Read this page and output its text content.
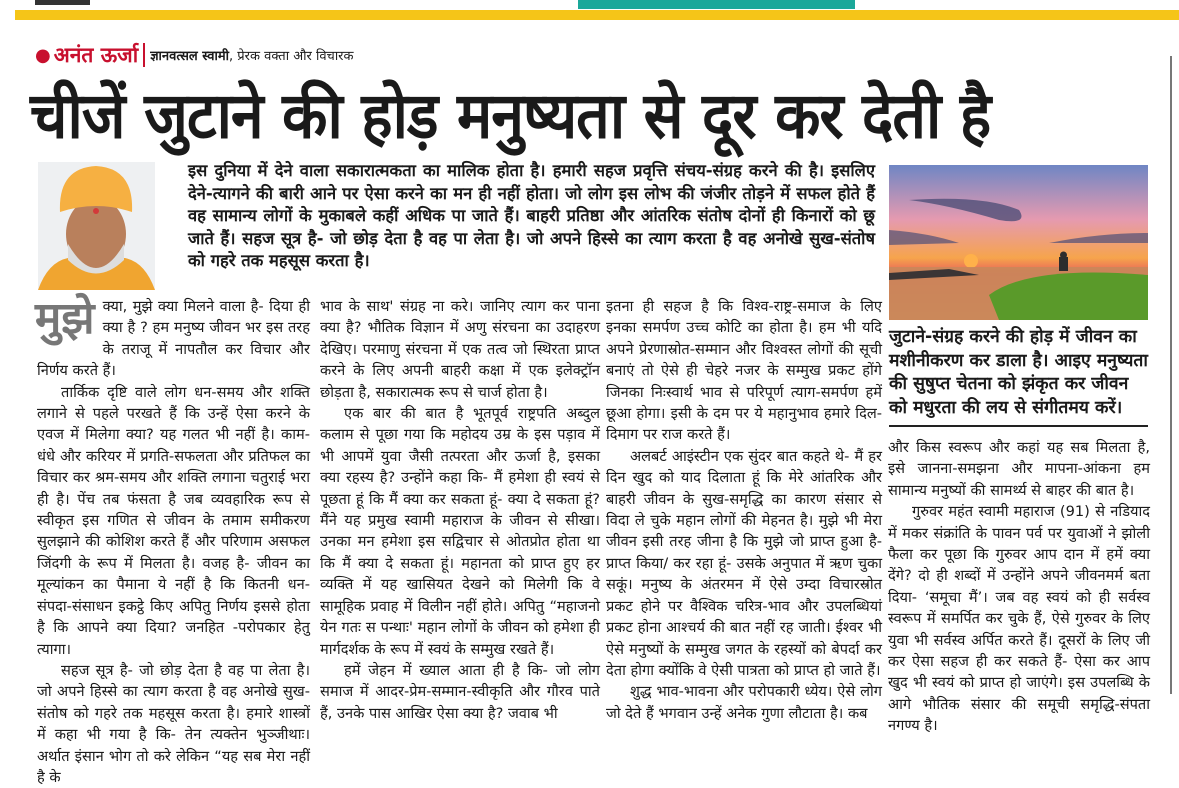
● अनंत ऊर्जा ज्ञानवत्सल स्वामी , प्रेरक वक्ता और विचारक
चीजें जुटाने की होड़ मनुष्यता से दूर कर देती है
इस दुनिया में देने वाला सकारात्मकता का मालिक होता है। हमारी सहज प्रवृत्ति संचय-संग्रह करने की है। इसलिए देने-त्यागने की बारी आने पर ऐसा करने का मन ही नहीं होता। जो लोग इस लोभ की जंजीर तोड़ने में सफल होते हैं वह सामान्य लोगों के मुकाबले कहीं अधिक पा जाते हैं। बाहरी प्रतिष्ठा और आंतरिक संतोष दोनों ही किनारों को छू जाते हैं। सहज सूत्र है- जो छोड़ देता है वह पा लेता है। जो अपने हिस्से का त्याग करता है वह अनोखे सुख-संतोष को गहरे तक महसूस करता है।

मुझे क्या, मुझे क्या मिलने वाला है- दिया ही क्या है ? हम मनुष्य जीवन भर इस तरह के तराजू में नापतौल कर विचार और निर्णय करते हैं।

तार्किक दृष्टि वाले लोग धन-समय और शक्ति लगाने से पहले परखते हैं कि उन्हें ऐसा करने के एवज में मिलेगा क्या? यह गलत भी नहीं है। काम-धंधे और करियर में प्रगति-सफलता और प्रतिफल का विचार कर श्रम-समय और शक्ति लगाना चतुराई भरा ही है। पेंच तब फंसता है जब व्यवहारिक रूप से स्वीकृत इस गणित से जीवन के तमाम समीकरण सुलझाने की कोशिश करते हैं और परिणाम असफल जिंदगी के रूप में मिलता है। वजह है- जीवन का मूल्यांकन का पैमाना ये नहीं है कि कितनी धन-संपदा-संसाधन इकट्ठे किए अपितु निर्णय इससे होता है कि आपने क्या दिया? जनहित -परोपकार हेतु त्यागा।

सहज सूत्र है- जो छोड़ देता है वह पा लेता है। जो अपने हिस्से का त्याग करता है वह अनोखे सुख-संतोष को गहरे तक महसूस करता है। हमारे शास्त्रों में कहा भी गया है कि- तेन त्यक्तेन भुञ्जीथाः। अर्थात इंसान भोग तो करे लेकिन “यह सब मेरा नहीं है के

भाव के साथ' संग्रह ना करे। जानिए त्याग कर पाना क्या है? भौतिक विज्ञान में अणु संरचना का उदाहरण देखिए। परमाणु संरचना में एक तत्व जो स्थिरता प्राप्त करने के लिए अपनी बाहरी कक्षा में एक इलेक्ट्रॉन छोड़ता है, सकारात्मक रूप से चार्ज होता है।

एक बार की बात है भूतपूर्व राष्ट्रपति अब्दुल कलाम से पूछा गया कि महोदय उम्र के इस पड़ाव में भी आपमें युवा जैसी तत्परता और ऊर्जा है, इसका क्या रहस्य है? उन्होंने कहा कि- मैं हमेशा ही स्वयं से पूछता हूं कि मैं क्या कर सकता हूं- क्या दे सकता हूं? मैंने यह प्रमुख स्वामी महाराज के जीवन से सीखा। उनका मन हमेशा इस सद्विचार से ओतप्रोत होता था कि मैं क्या दे सकता हूं। महानता को प्राप्त हुए हर व्यक्ति में यह खासियत देखने को मिलेगी कि वे सामूहिक प्रवाह में विलीन नहीं होते। अपितु “महाजनो येन गतः स पन्थाः' महान लोगों के जीवन को हमेशा ही मार्गदर्शक के रूप में स्वयं के सम्मुख रखते हैं।

हमें जेहन में ख्याल आता ही है कि- जो लोग समाज में आदर-प्रेम-सम्मान-स्वीकृति और गौरव पाते हैं, उनके पास आखिर ऐसा क्या है? जवाब भी

इतना ही सहज है कि विश्व-राष्ट्र-समाज के लिए इनका समर्पण उच्च कोटि का होता है। हम भी यदि अपने प्रेरणास्रोत-सम्मान और विश्वस्त लोगों की सूची बनाएं तो ऐसे ही चेहरे नजर के सम्मुख प्रकट होंगे जिनका निःस्वार्थ भाव से परिपूर्ण त्याग-समर्पण हमें छूआ होगा। इसी के दम पर ये महानुभाव हमारे दिल-दिमाग पर राज करते हैं।

अलबर्ट आइंस्टीन एक सुंदर बात कहते थे- मैं हर दिन खुद को याद दिलाता हूं कि मेरे आंतरिक और बाहरी जीवन के सुख-समृद्धि का कारण संसार से विदा ले चुके महान लोगों की मेहनत है। मुझे भी मेरा जीवन इसी तरह जीना है कि मुझे जो प्राप्त हुआ है- प्राप्त किया/ कर रहा हूं- उसके अनुपात में ऋण चुका सकूं। मनुष्य के अंतरमन में ऐसे उम्दा विचारस्रोत प्रकट होने पर वैश्विक चरित्र-भाव और उपलब्धियां प्रकट होना आश्चर्य की बात नहीं रह जाती। ईश्वर भी ऐसे मनुष्यों के सम्मुख जगत के रहस्यों को बेपर्दा कर देता होगा क्योंकि वे ऐसी पात्रता को प्राप्त हो जाते हैं।

शुद्ध भाव-भावना और परोपकारी ध्येय। ऐसे लोग जो देते हैं भगवान उन्हें अनेक गुणा लौटाता है। कब

जुटाने-संग्रह करने की होड़ में जीवन का मशीनीकरण कर डाला है। आइए मनुष्यता की सुषुप्त चेतना को झंकृत कर जीवन को मधुरता की लय से संगीतमय करें।

और किस स्वरूप और कहां यह सब मिलता है, इसे जानना-समझना और मापना-आंकना हम सामान्य मनुष्यों की सामर्थ्य से बाहर की बात है।

गुरुवर महंत स्वामी महाराज (91) से नडियाद में मकर संक्रांति के पावन पर्व पर युवाओं ने झोली फैला कर पूछा कि गुरुवर आप दान में हमें क्या देंगे? दो ही शब्दों में उन्होंने अपने जीवनमर्म बता दिया- ‘समूचा मैं’। जब वह स्वयं को ही सर्वस्व स्वरूप में समर्पित कर चुके हैं, ऐसे गुरुवर के लिए युवा भी सर्वस्व अर्पित करते हैं। दूसरों के लिए जी कर ऐसा सहज ही कर सकते हैं- ऐसा कर आप खुद भी स्वयं को प्राप्त हो जाएंगे। इस उपलब्धि के आगे भौतिक संसार की समूची समृद्धि-संपता नगण्य है।
